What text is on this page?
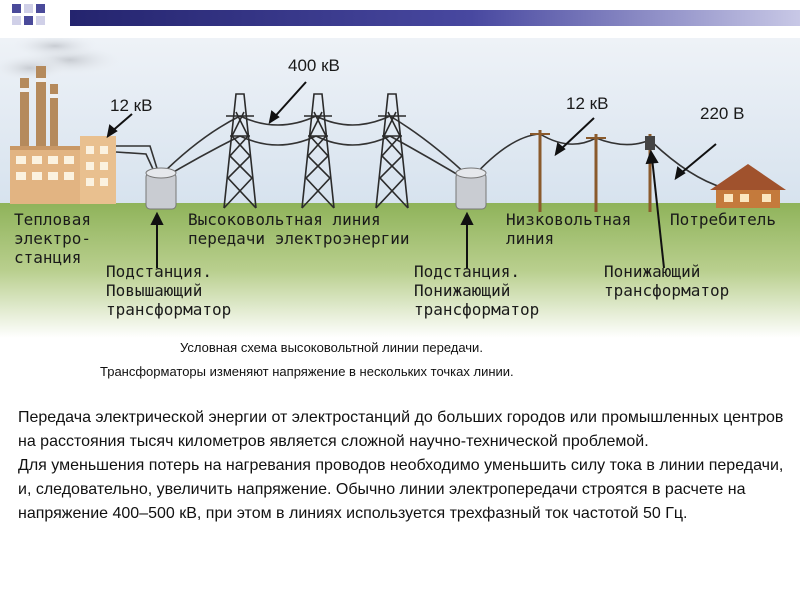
12 кВ
400 кВ
12 кВ
220 В
Тепловая
электро-
станция
Высоковольтная линия
передачи электроэнергии
Низковольтная
линия
Потребитель
Подстанция.
Повышающий
трансформатор
Подстанция.
Понижающий
трансформатор
Понижающий
трансформатор
Условная схема высоковольтной линии передачи.
Трансформаторы изменяют напряжение в нескольких точках линии.

Передача электрической энергии от электростанций до больших городов или промышленных центров на расстояния тысяч километров является сложной научно-технической проблемой.

Для уменьшения потерь на нагревания проводов необходимо уменьшить силу тока в линии передачи, и, следовательно, увеличить напряжение. Обычно линии электропередачи строятся в расчете на напряжение 400–500 кВ, при этом в линиях используется трехфазный ток частотой 50 Гц.
